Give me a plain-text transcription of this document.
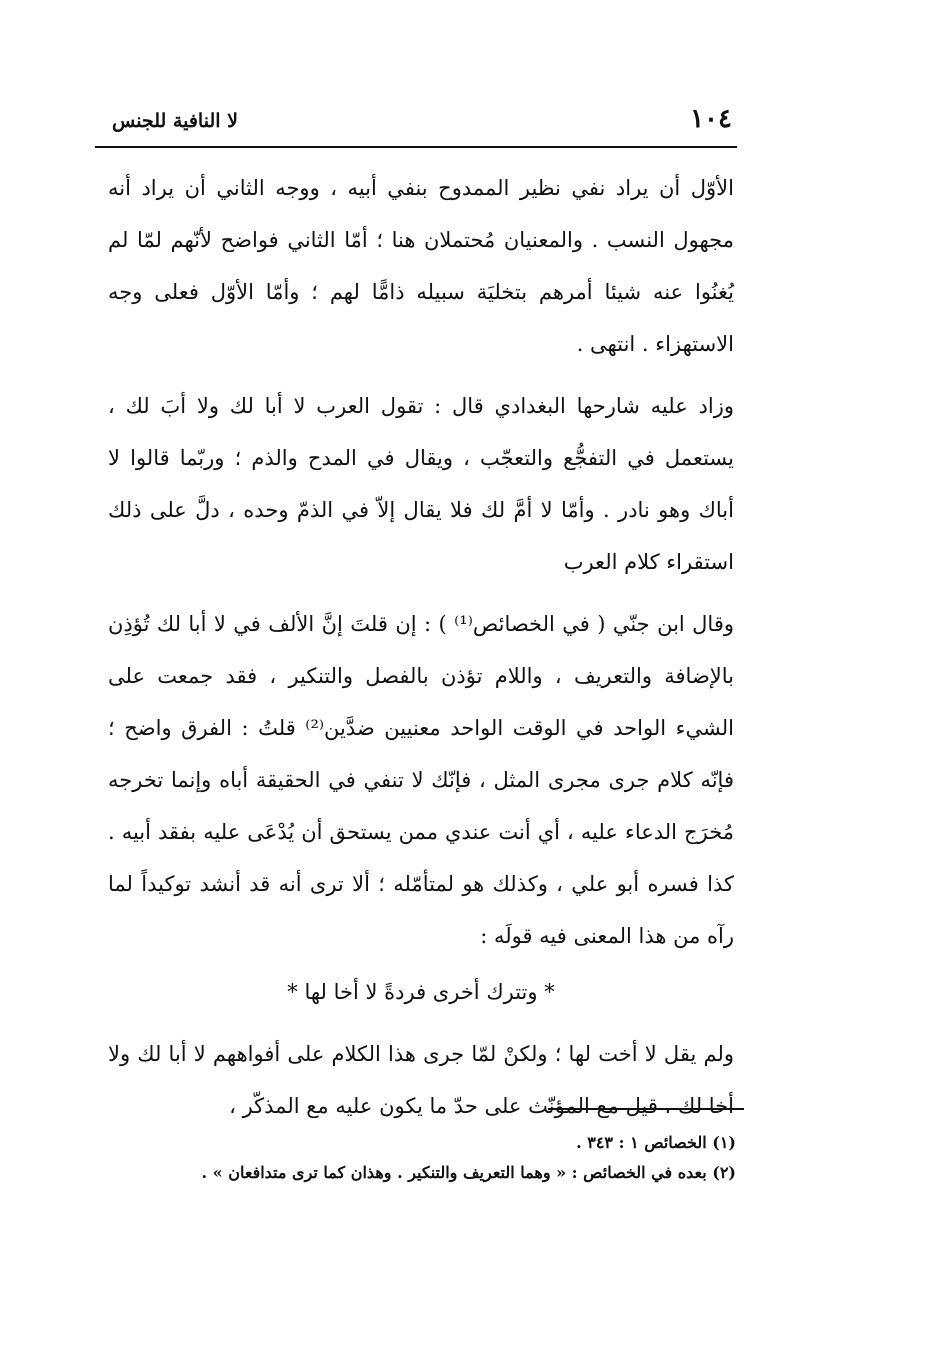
١٠٤
لا النافية للجنس

الأوّل أن يراد نفي نظير الممدوح بنفي أبيه ، ووجه الثاني أن يراد أنه مجهول النسب . والمعنيان مُحتملان هنا ؛ أمّا الثاني فواضح لأنّهم لمّا لم يُغنُوا عنه شيئا أمرهم بتخليَة سبيله ذامًّا لهم ؛ وأمّا الأوّل فعلى وجه الاستهزاء . انتهى .

وزاد عليه شارحها البغدادي قال : تقول العرب لا أبا لك ولا أبَ لك ، يستعمل في التفجُّع والتعجّب ، ويقال في المدح والذم ؛ وربّما قالوا لا أباك وهو نادر . وأمّا لا أمَّ لك فلا يقال إلاّ في الذمّ وحده ، دلَّ على ذلك استقراء كلام العرب

وقال ابن جنّي ( في الخصائص⁽¹⁾ ) : إن قلتَ إنَّ الألف في لا أبا لك تُؤذِن بالإضافة والتعريف ، واللام تؤذن بالفصل والتنكير ، فقد جمعت على الشيء الواحد في الوقت الواحد معنيين ضدَّين⁽²⁾ قلتُ : الفرق واضح ؛ فإنّه كلام جرى مجرى المثل ، فإنّك لا تنفي في الحقيقة أباه وإنما تخرجه مُخرَج الدعاء عليه ، أي أنت عندي ممن يستحق أن يُدْعَى عليه بفقد أبيه . كذا فسره أبو علي ، وكذلك هو لمتأمّله ؛ ألا ترى أنه قد أنشد توكيداً لما رآه من هذا المعنى فيه قولَه :

* وتترك أخرى فردةً لا أخا لها *

ولم يقل لا أخت لها ؛ ولكنْ لمّا جرى هذا الكلام على أفواههم لا أبا لك ولا أخا لك ، قيل مع المؤنّث على حدّ ما يكون عليه مع المذكّر ،

(١) الخصائص ١ : ٣٤٣ .

(٢) بعده في الخصائص : « وهما التعريف والتنكير . وهذان كما ترى متدافعان » .
